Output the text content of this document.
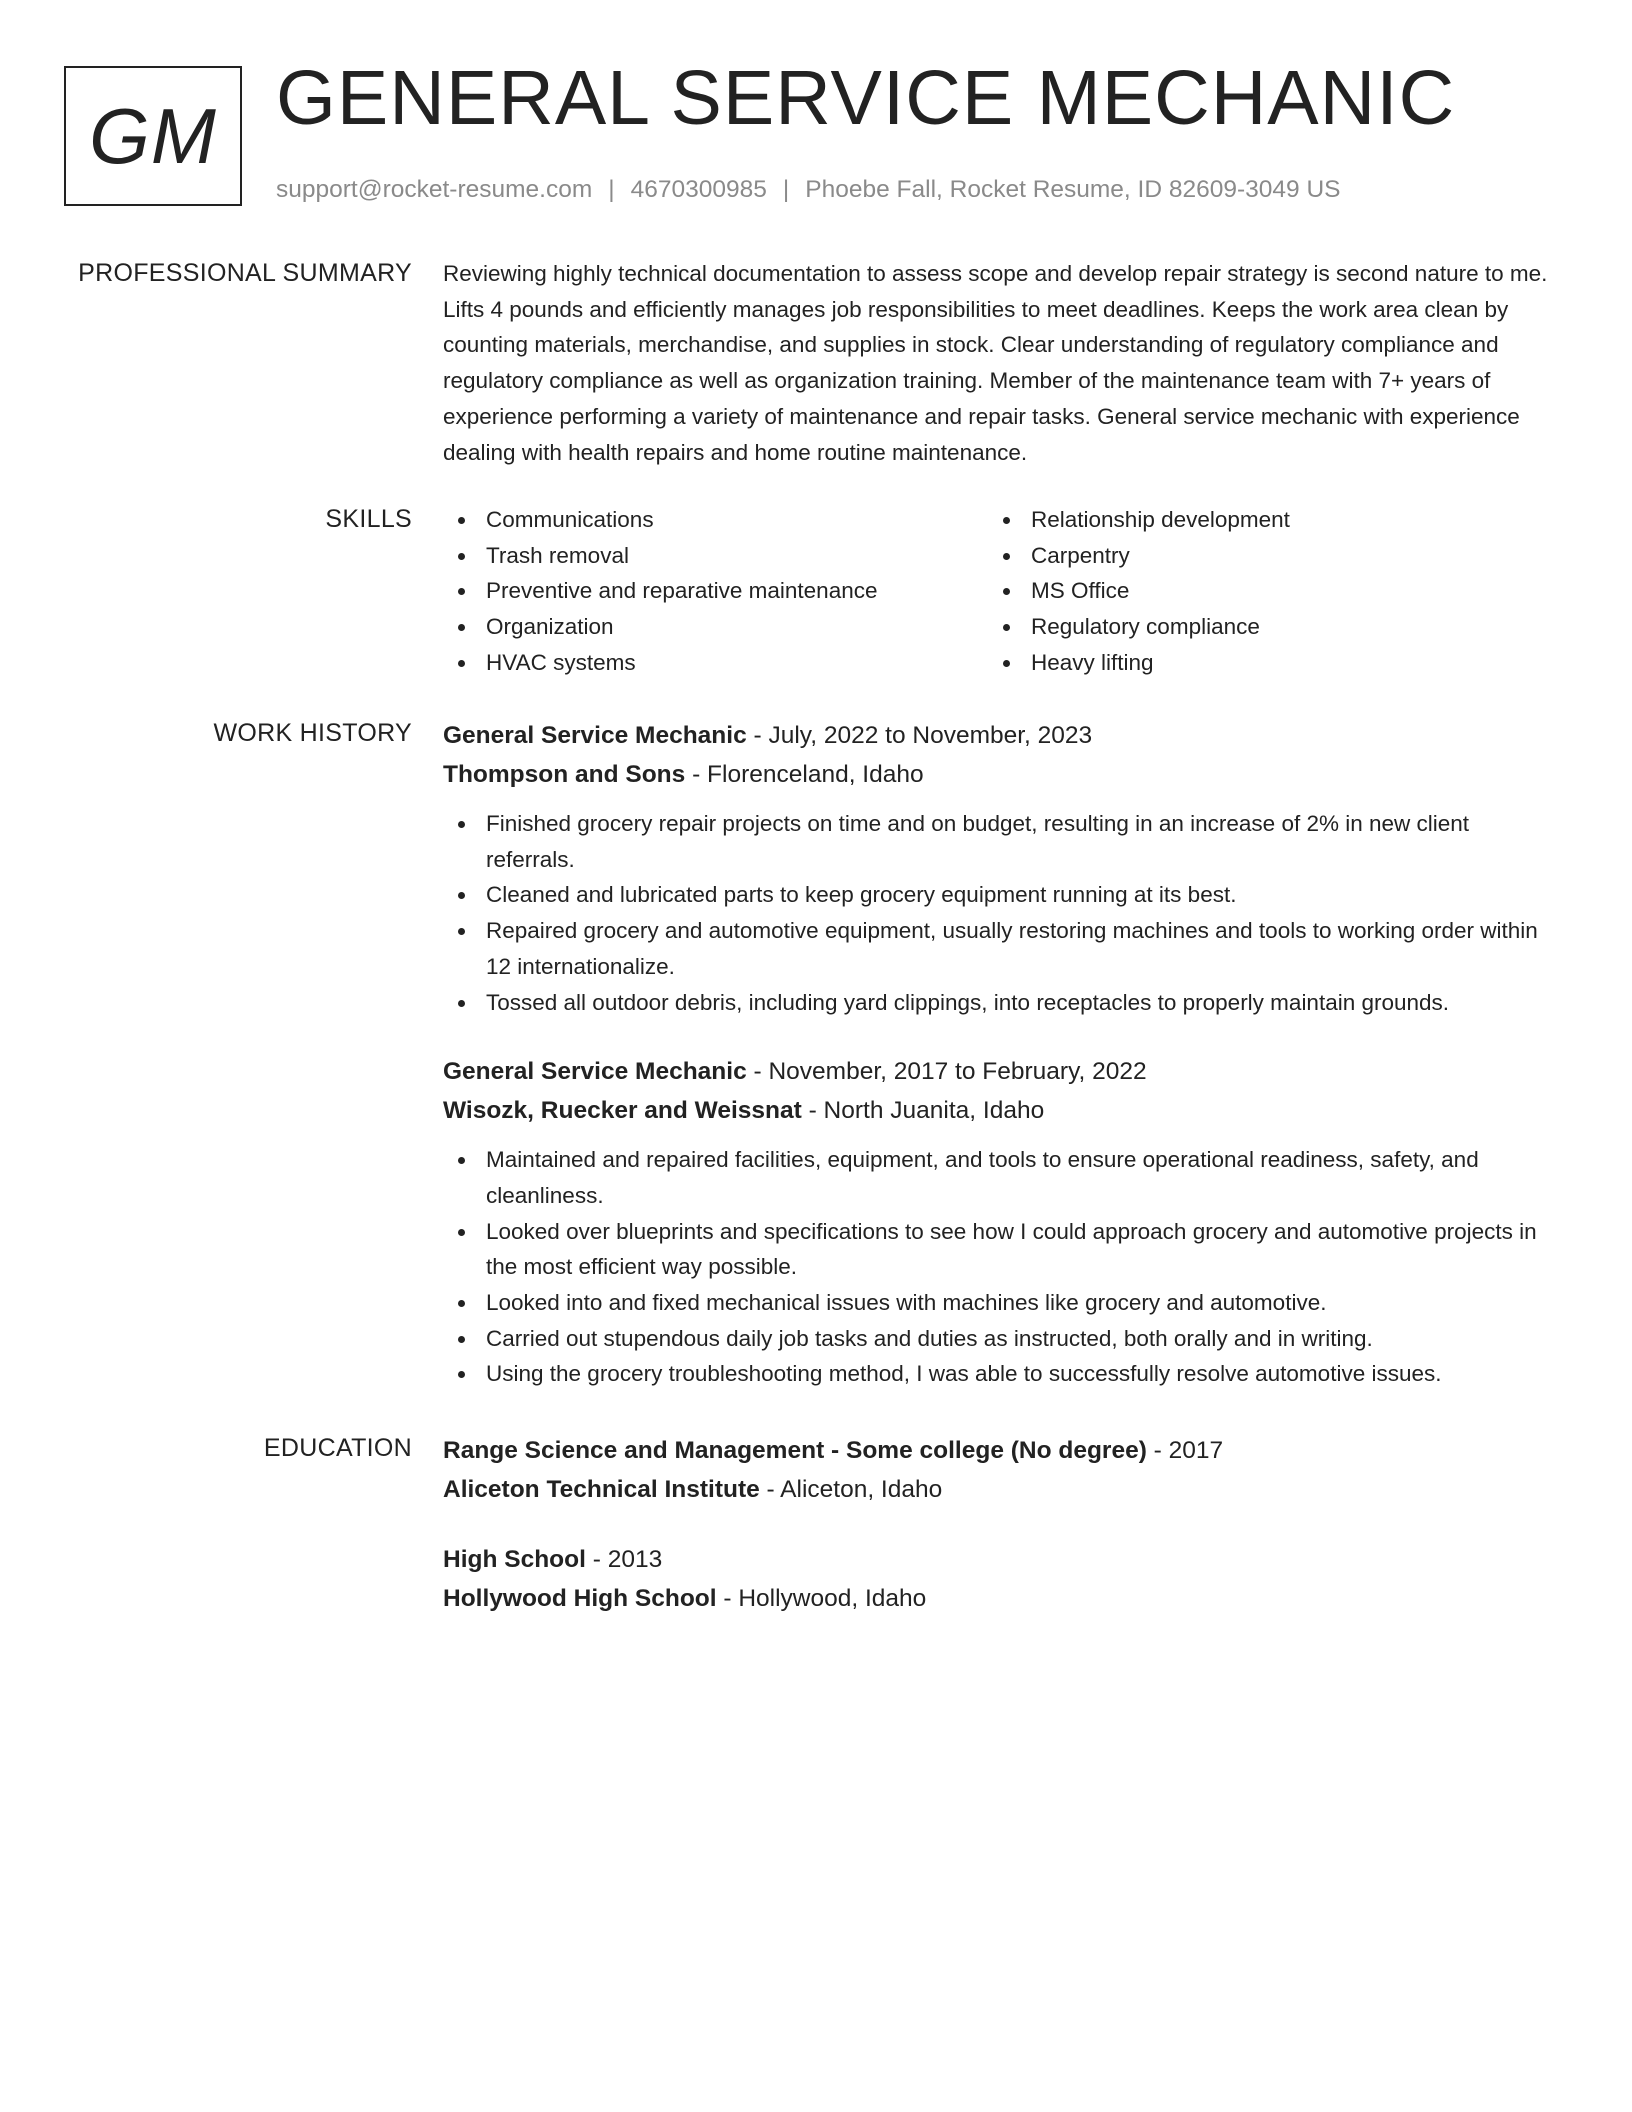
GM GENERAL SERVICE MECHANIC
support@rocket-resume.com | 4670300985 | Phoebe Fall, Rocket Resume, ID 82609-3049 US
PROFESSIONAL SUMMARY Reviewing highly technical documentation to assess scope and develop repair strategy is second nature to me. Lifts 4 pounds and efficiently manages job responsibilities to meet deadlines. Keeps the work area clean by counting materials, merchandise, and supplies in stock. Clear understanding of regulatory compliance and regulatory compliance as well as organization training. Member of the maintenance team with 7+ years of experience performing a variety of maintenance and repair tasks. General service mechanic with experience dealing with health repairs and home routine maintenance.

SKILLS	Communications
Trash removal
Preventive and reparative maintenance
Organization
HVAC systems
Relationship development
Carpentry
MS Office
Regulatory compliance
Heavy lifting
WORK HISTORY General Service Mechanic - July, 2022 to November, 2023
Thompson and Sons - Florenceland, Idaho
Finished grocery repair projects on time and on budget, resulting in an increase of 2% in new client referrals.
Cleaned and lubricated parts to keep grocery equipment running at its best.
Repaired grocery and automotive equipment, usually restoring machines and tools to working order within 12 internationalize.
Tossed all outdoor debris, including yard clippings, into receptacles to properly maintain grounds.
General Service Mechanic - November, 2017 to February, 2022
Wisozk, Ruecker and Weissnat - North Juanita, Idaho
Maintained and repaired facilities, equipment, and tools to ensure operational readiness, safety, and cleanliness.
Looked over blueprints and specifications to see how I could approach grocery and automotive projects in the most efficient way possible.
Looked into and fixed mechanical issues with machines like grocery and automotive.
Carried out stupendous daily job tasks and duties as instructed, both orally and in writing.
Using the grocery troubleshooting method, I was able to successfully resolve automotive issues.
EDUCATION Range Science and Management - Some college (No degree) - 2017
Aliceton Technical Institute - Aliceton, Idaho
High School - 2013
Hollywood High School - Hollywood, Idaho
